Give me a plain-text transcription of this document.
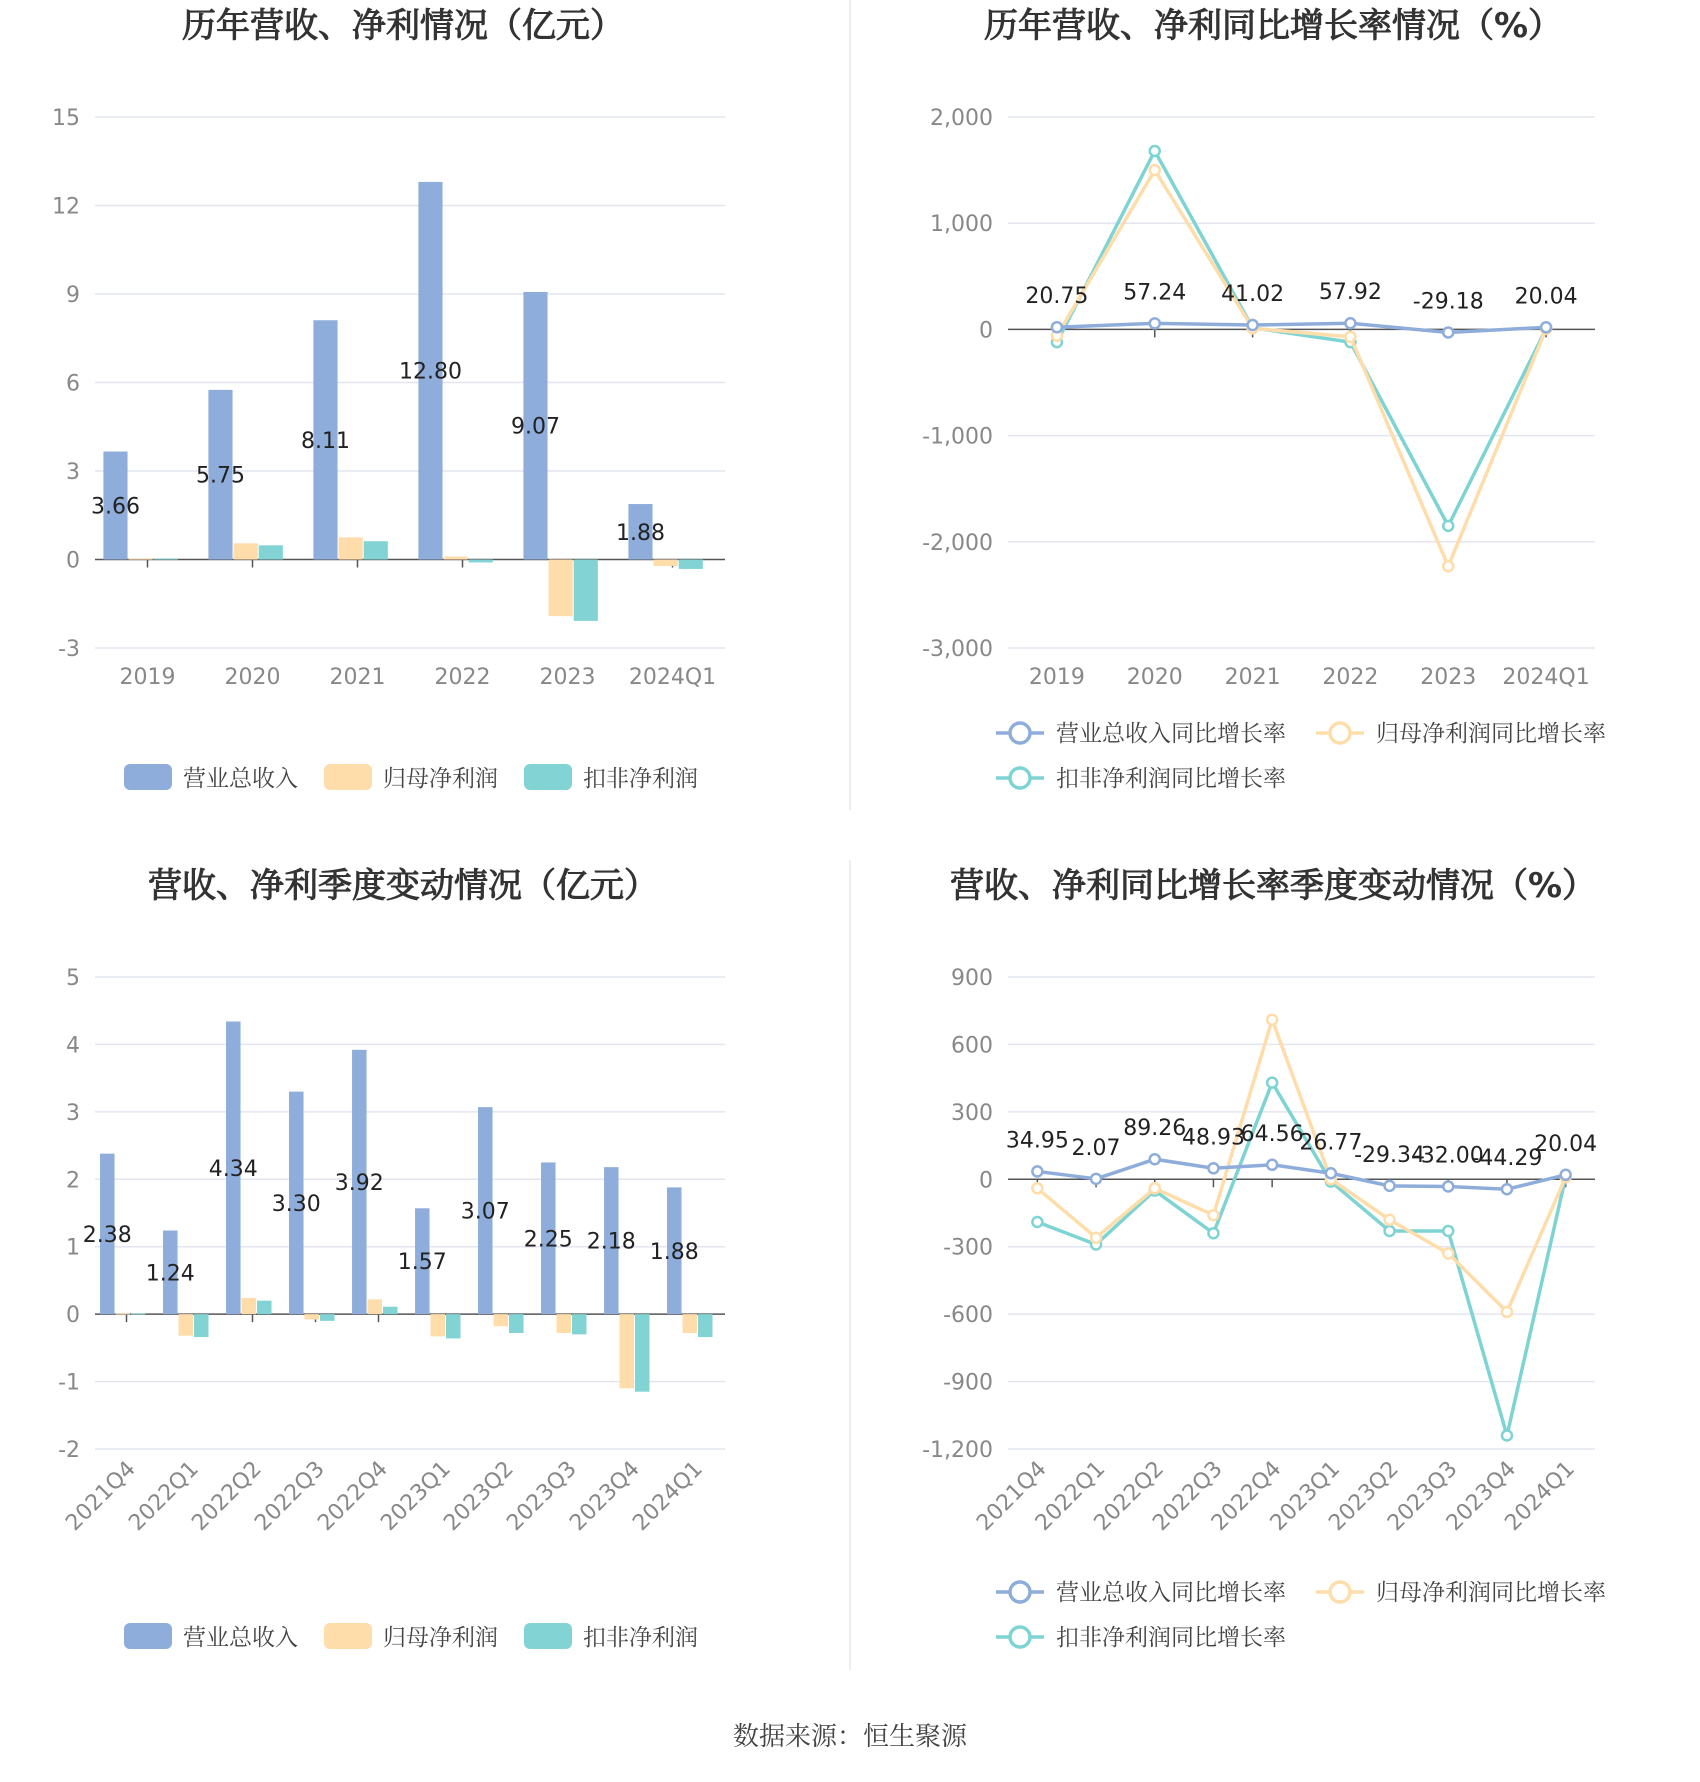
历年营收、净利情况（亿元）
-3
0
3
6
9
12
15
2019 2020 2021 2022 2023 2024Q1
3.66
5.75
8.11
12.80
9.07
1.88
营业总收入	归母净利润	扣非净利润
历年营收、净利同比增长率情况（%）
-3,000
-2,000
-1,000
0
1,000
2,000
2019 2020 2021 2022 2023 2024Q1
20.75 57.24 41.02 57.92 -29.18 20.04
营业总收入同比增长率	归母净利润同比增长率
扣非净利润同比增长率
营收、净利季度变动情况（亿元）
-2
-1
0
1
2
3
4
5
2021Q4
2022Q1
2022Q2
2022Q3
2022Q4
2023Q1
2023Q2
2023Q3
2023Q4
2024Q1
2.38
1.24
4.34
3.30
3.92
1.57
3.07
2.25 2.18 1.88
营业总收入	归母净利润	扣非净利润
营收、净利同比增长率季度变动情况（%）
-1,200
-900
-600
-300
0
300
600
900
2021Q4
2022Q1
2022Q2
2022Q3
2022Q4
2023Q1
2023Q2
2023Q3
2023Q4
2024Q1
34.95 2.07
89.26
48.93
64.56
26.77
-29.34
-32.00
-44.29
20.04
营业总收入同比增长率	归母净利润同比增长率
扣非净利润同比增长率
数据来源：恒生聚源
